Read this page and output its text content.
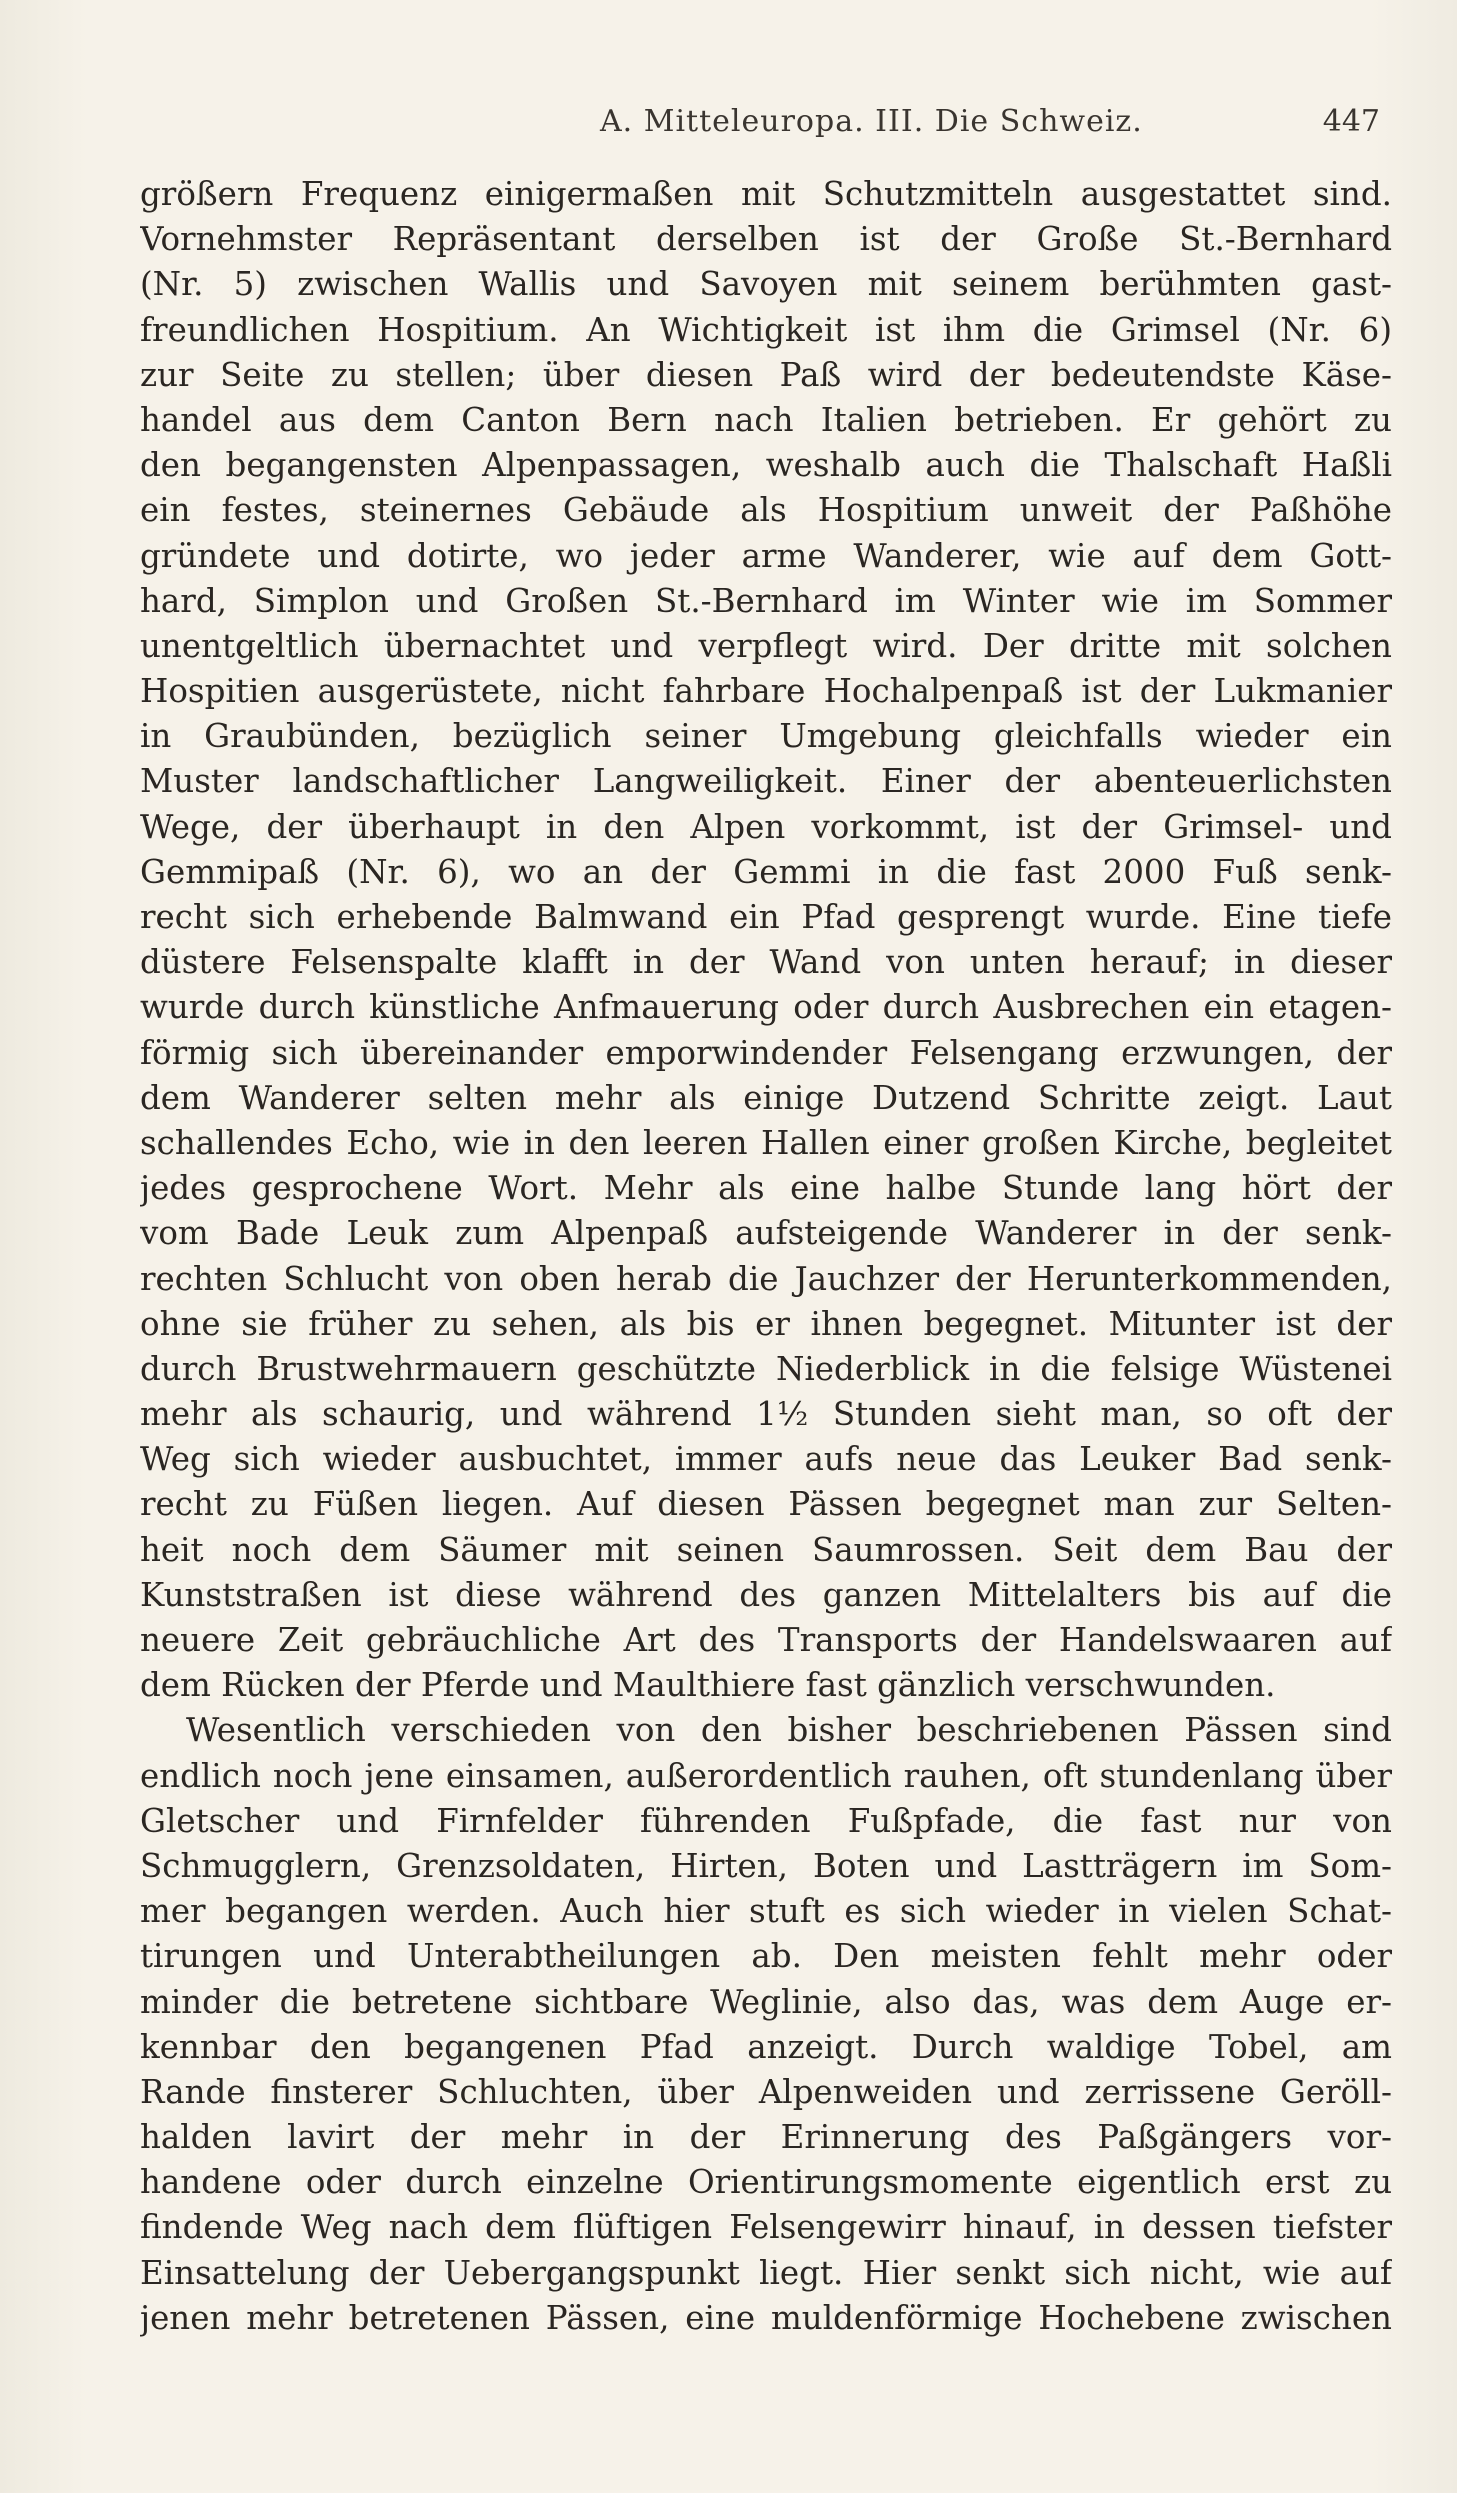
A. Mitteleuropa. III. Die Schweiz.	447
größern Frequenz einigermaßen mit Schutzmitteln ausgestattet sind.
Vornehmster Repräsentant derselben ist der Große St.-Bernhard
(Nr. 5) zwischen Wallis und Savoyen mit seinem berühmten gast-
freundlichen Hospitium. An Wichtigkeit ist ihm die Grimsel (Nr. 6)
zur Seite zu stellen; über diesen Paß wird der bedeutendste Käse-
handel aus dem Canton Bern nach Italien betrieben. Er gehört zu
den begangensten Alpenpassagen, weshalb auch die Thalschaft Haßli
ein festes, steinernes Gebäude als Hospitium unweit der Paßhöhe
gründete und dotirte, wo jeder arme Wanderer, wie auf dem Gott-
hard, Simplon und Großen St.-Bernhard im Winter wie im Sommer
unentgeltlich übernachtet und verpflegt wird. Der dritte mit solchen
Hospitien ausgerüstete, nicht fahrbare Hochalpenpaß ist der Lukmanier
in Graubünden, bezüglich seiner Umgebung gleichfalls wieder ein
Muster landschaftlicher Langweiligkeit. Einer der abenteuerlichsten
Wege, der überhaupt in den Alpen vorkommt, ist der Grimsel- und
Gemmipaß (Nr. 6), wo an der Gemmi in die fast 2000 Fuß senk-
recht sich erhebende Balmwand ein Pfad gesprengt wurde. Eine tiefe
düstere Felsenspalte klafft in der Wand von unten herauf; in dieser
wurde durch künstliche Anfmauerung oder durch Ausbrechen ein etagen-
förmig sich übereinander emporwindender Felsengang erzwungen, der
dem Wanderer selten mehr als einige Dutzend Schritte zeigt. Laut
schallendes Echo, wie in den leeren Hallen einer großen Kirche, begleitet
jedes gesprochene Wort. Mehr als eine halbe Stunde lang hört der
vom Bade Leuk zum Alpenpaß aufsteigende Wanderer in der senk-
rechten Schlucht von oben herab die Jauchzer der Herunterkommenden,
ohne sie früher zu sehen, als bis er ihnen begegnet. Mitunter ist der
durch Brustwehrmauern geschützte Niederblick in die felsige Wüstenei
mehr als schaurig, und während 1½ Stunden sieht man, so oft der
Weg sich wieder ausbuchtet, immer aufs neue das Leuker Bad senk-
recht zu Füßen liegen. Auf diesen Pässen begegnet man zur Selten-
heit noch dem Säumer mit seinen Saumrossen. Seit dem Bau der
Kunststraßen ist diese während des ganzen Mittelalters bis auf die
neuere Zeit gebräuchliche Art des Transports der Handelswaaren auf
dem Rücken der Pferde und Maulthiere fast gänzlich verschwunden.
Wesentlich verschieden von den bisher beschriebenen Pässen sind
endlich noch jene einsamen, außerordentlich rauhen, oft stundenlang über
Gletscher und Firnfelder führenden Fußpfade, die fast nur von
Schmugglern, Grenzsoldaten, Hirten, Boten und Lastträgern im Som-
mer begangen werden. Auch hier stuft es sich wieder in vielen Schat-
tirungen und Unterabtheilungen ab. Den meisten fehlt mehr oder
minder die betretene sichtbare Weglinie, also das, was dem Auge er-
kennbar den begangenen Pfad anzeigt. Durch waldige Tobel, am
Rande finsterer Schluchten, über Alpenweiden und zerrissene Geröll-
halden lavirt der mehr in der Erinnerung des Paßgängers vor-
handene oder durch einzelne Orientirungsmomente eigentlich erst zu
findende Weg nach dem flüftigen Felsengewirr hinauf, in dessen tiefster
Einsattelung der Uebergangspunkt liegt. Hier senkt sich nicht, wie auf
jenen mehr betretenen Pässen, eine muldenförmige Hochebene zwischen
